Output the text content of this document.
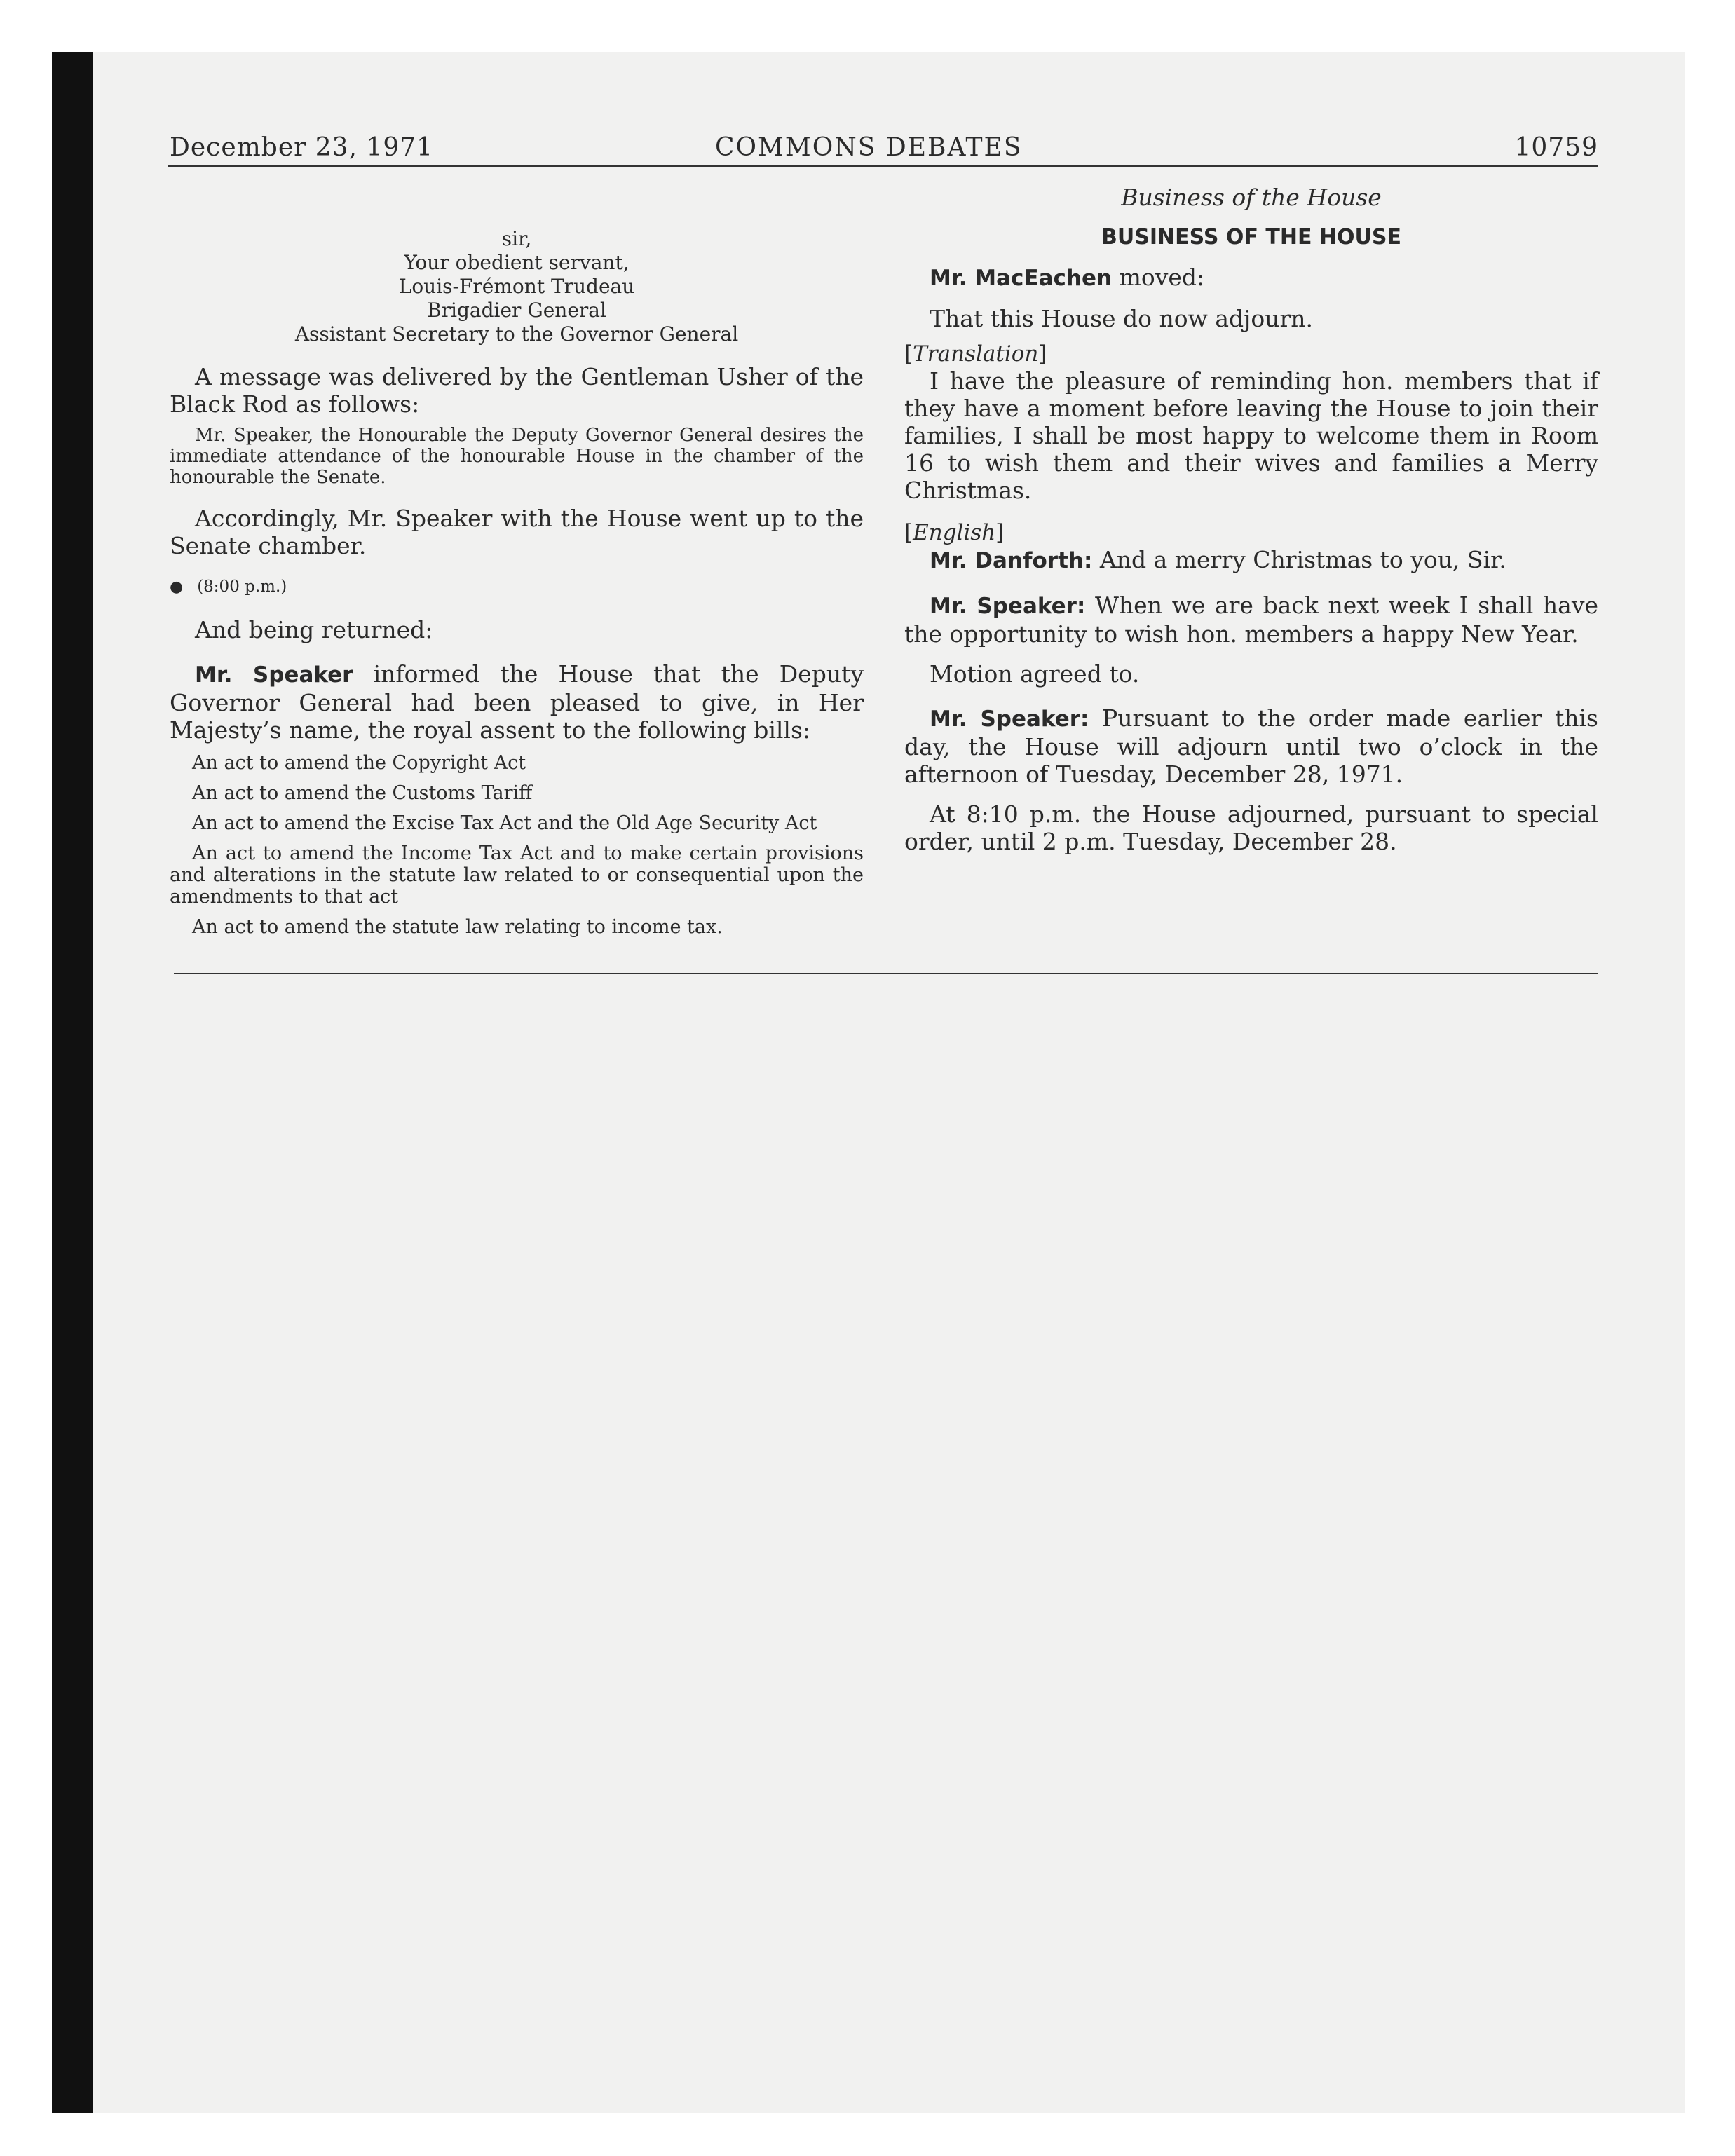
December 23, 1971	COMMONS DEBATES	10759

sir,

Your obedient servant,

Louis-Frémont Trudeau

Brigadier General

Assistant Secretary to the Governor General

A message was delivered by the Gentleman Usher of the Black Rod as follows:

Mr. Speaker, the Honourable the Deputy Governor General desires the immediate attendance of the honourable House in the chamber of the honourable the Senate.

Accordingly, Mr. Speaker with the House went up to the Senate chamber.

● (8:00 p.m.)

And being returned:

Mr. Speaker informed the House that the Deputy Governor General had been pleased to give, in Her Majesty’s name, the royal assent to the following bills:

An act to amend the Copyright Act

An act to amend the Customs Tariff

An act to amend the Excise Tax Act and the Old Age Security Act

An act to amend the Income Tax Act and to make certain provisions and alterations in the statute law related to or consequential upon the amendments to that act

An act to amend the statute law relating to income tax.

Business of the House

BUSINESS OF THE HOUSE

Mr. MacEachen moved:

That this House do now adjourn.

[Translation]

I have the pleasure of reminding hon. members that if they have a moment before leaving the House to join their families, I shall be most happy to welcome them in Room 16 to wish them and their wives and families a Merry Christmas.

[English]

Mr. Danforth: And a merry Christmas to you, Sir.

Mr. Speaker: When we are back next week I shall have the opportunity to wish hon. members a happy New Year.

Motion agreed to.

Mr. Speaker: Pursuant to the order made earlier this day, the House will adjourn until two o’clock in the afternoon of Tuesday, December 28, 1971.

At 8:10 p.m. the House adjourned, pursuant to special order, until 2 p.m. Tuesday, December 28.
